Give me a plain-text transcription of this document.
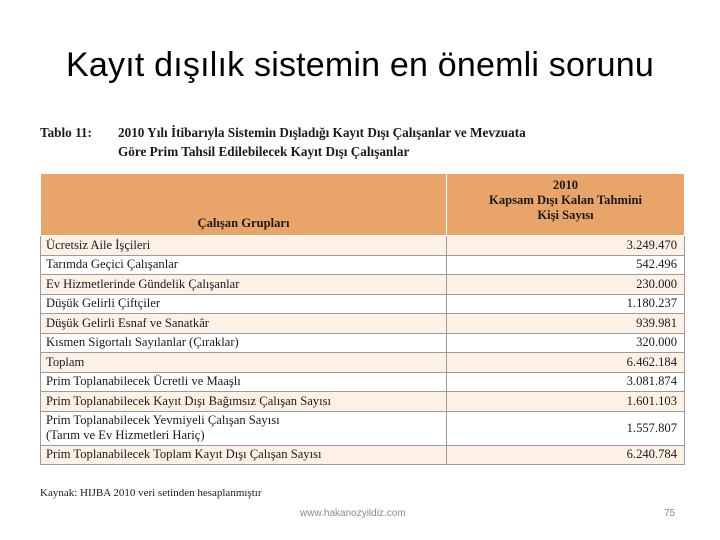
Kayıt dışılık sistemin en önemli sorunu
Tablo 11: 2010 Yılı İtibarıyla Sistemin Dışladığı Kayıt Dışı Çalışanlar ve Mevzuata
Göre Prim Tahsil Edilebilecek Kayıt Dışı Çalışanlar
Çalışan Grupları	2010
Kapsam Dışı Kalan Tahmini
Kişi Sayısı

Ücretsiz Aile İşçileri	3.249.470
Tarımda Geçici Çalışanlar	542.496
Ev Hizmetlerinde Gündelik Çalışanlar	230.000
Düşük Gelirli Çiftçiler	1.180.237
Düşük Gelirli Esnaf ve Sanatkâr	939.981
Kısmen Sigortalı Sayılanlar (Çıraklar)	320.000
Toplam	6.462.184
Prim Toplanabilecek Ücretli ve Maaşlı	3.081.874
Prim Toplanabilecek Kayıt Dışı Bağımsız Çalışan Sayısı	1.601.103

Prim Toplanabilecek Yevmiyeli Çalışan Sayısı
(Tarım ve Ev Hizmetleri Hariç)	1.557.807
Prim Toplanabilecek Toplam Kayıt Dışı Çalışan Sayısı	6.240.784
Kaynak: HIJBA 2010 veri setinden hesaplanmıştır
www.hakanozyildiz.com	75
